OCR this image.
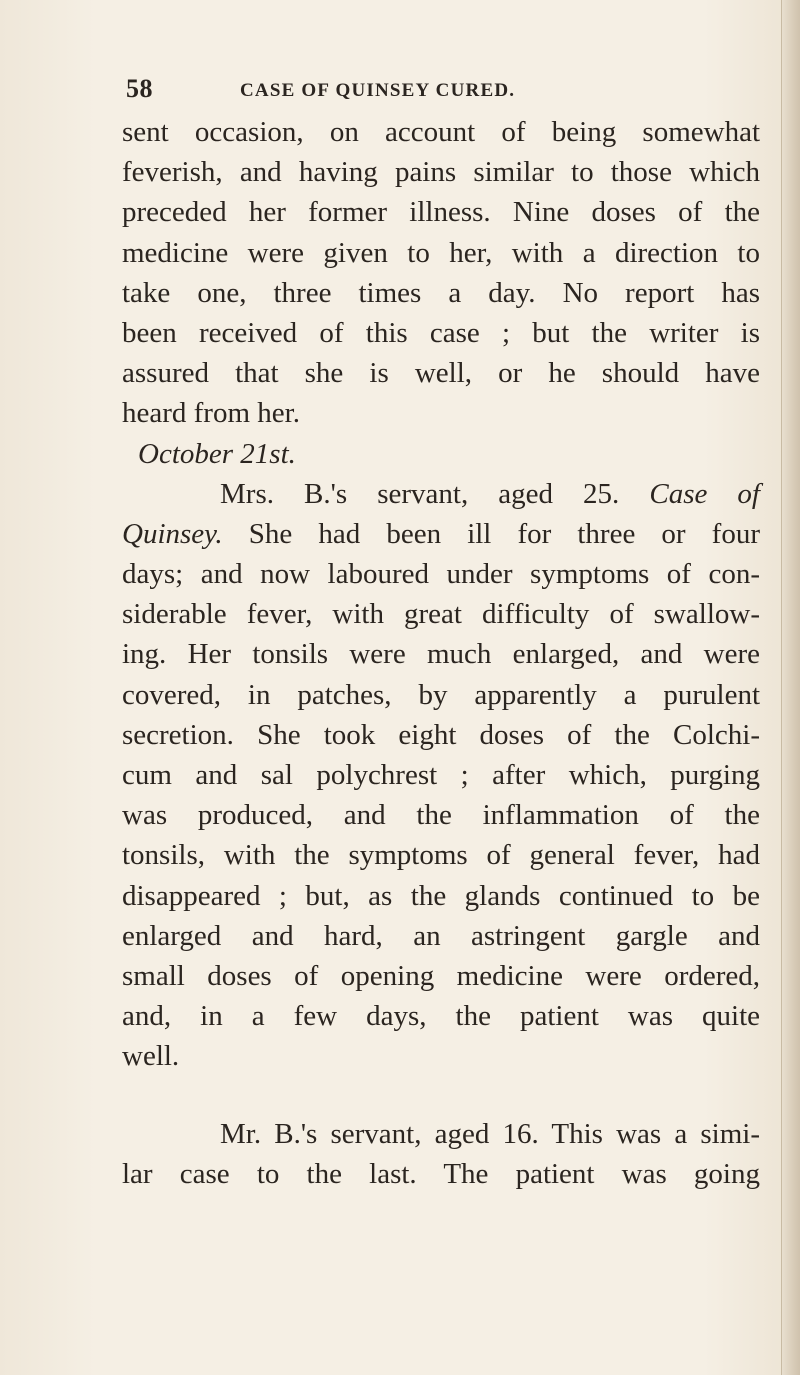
58	CASE OF QUINSEY CURED.
sent occasion, on account of being somewhat
feverish, and having pains similar to those which
preceded her former illness. Nine doses of the
medicine were given to her, with a direction to
take one, three times a day. No report has
been received of this case ; but the writer is
assured that she is well, or he should have
heard from her.
October 21st.
Mrs. B.'s servant, aged 25. Case of
Quinsey. She had been ill for three or four
days; and now laboured under symptoms of con-
siderable fever, with great difficulty of swallow-
ing. Her tonsils were much enlarged, and were
covered, in patches, by apparently a purulent
secretion. She took eight doses of the Colchi-
cum and sal polychrest ; after which, purging
was produced, and the inflammation of the
tonsils, with the symptoms of general fever, had
disappeared ; but, as the glands continued to be
enlarged and hard, an astringent gargle and
small doses of opening medicine were ordered,
and, in a few days, the patient was quite
well.
Mr. B.'s servant, aged 16. This was a simi-
lar case to the last. The patient was going
